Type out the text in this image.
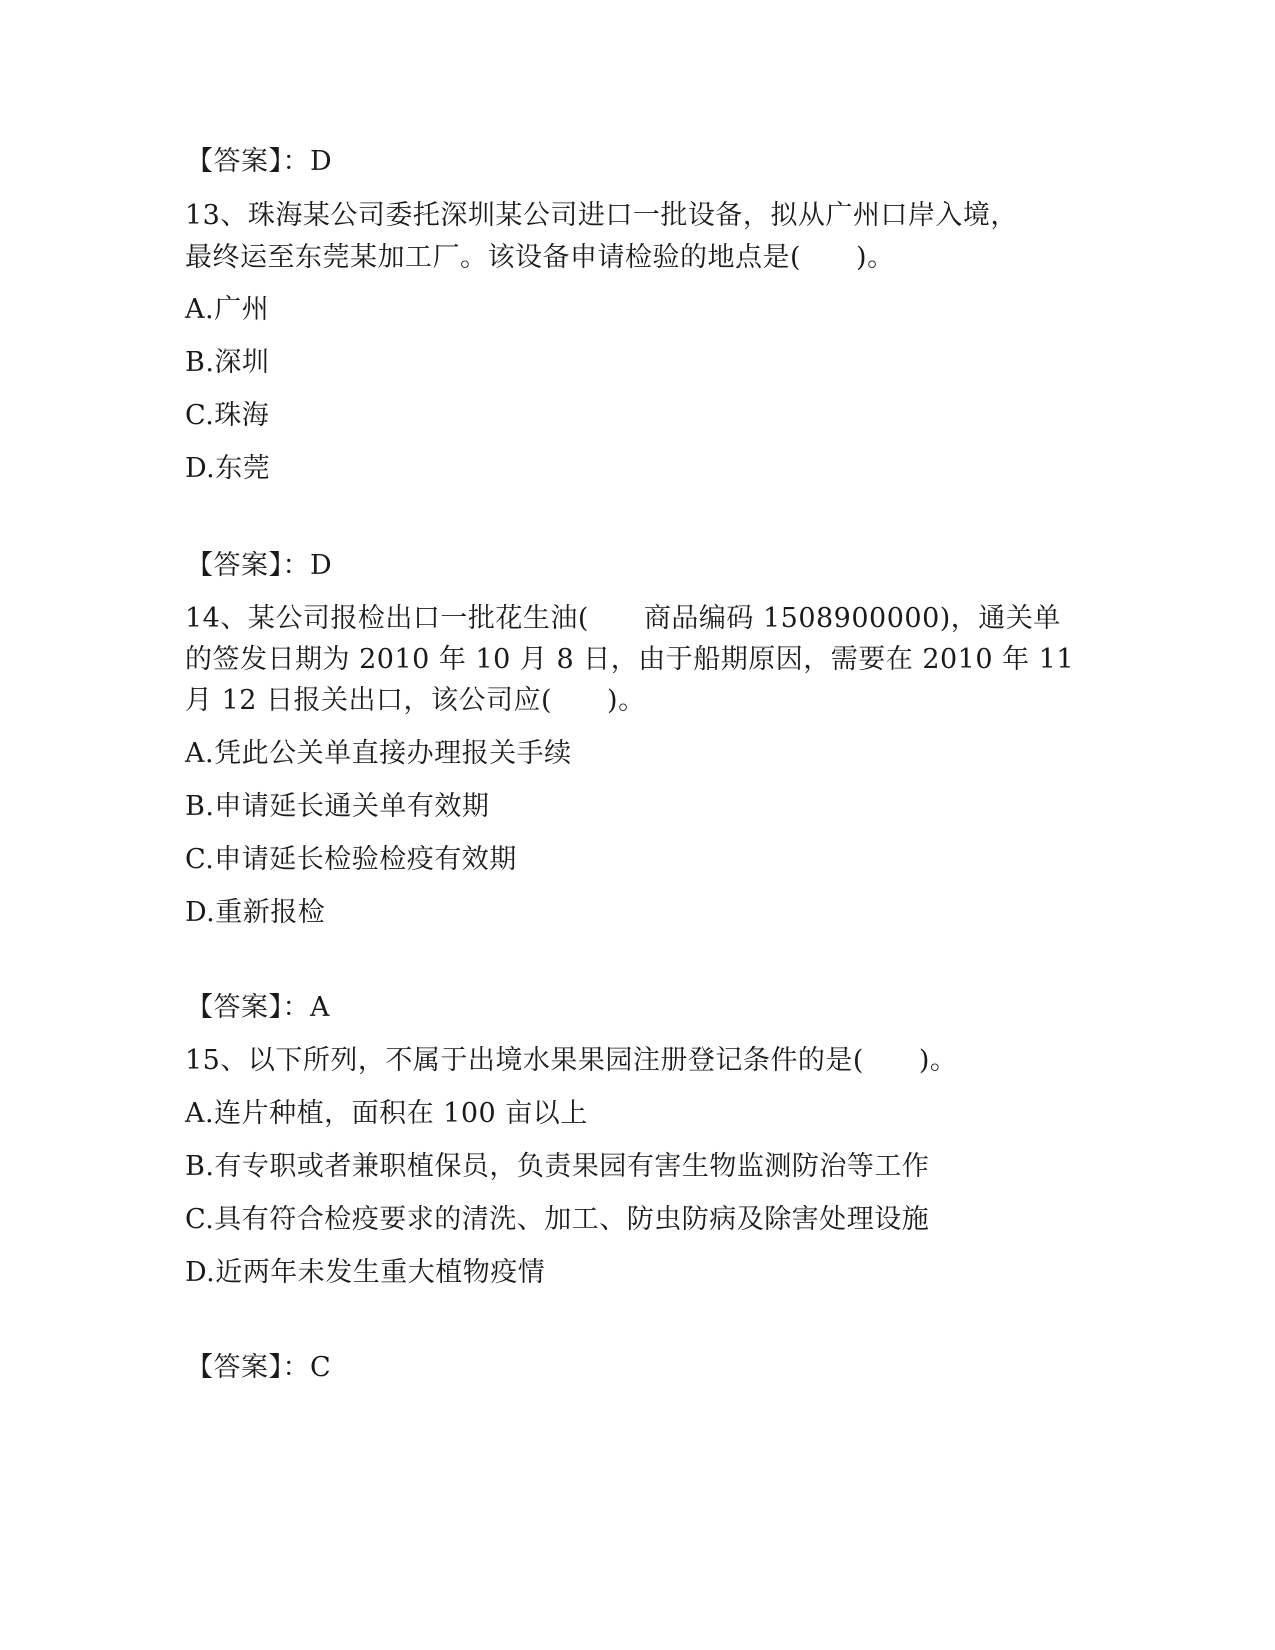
【答案】：D
13、珠海某公司委托深圳某公司进口一批设备，拟从广州口岸入境，
最终运至东莞某加工厂。该设备申请检验的地点是(　　)。
A.广州
B.深圳
C.珠海
D.东莞
【答案】：D
14、某公司报检出口一批花生油(　　商品编码 1508900000)，通关单
的签发日期为 2010 年 10 月 8 日，由于船期原因，需要在 2010 年 11
月 12 日报关出口，该公司应(　　)。
A.凭此公关单直接办理报关手续
B.申请延长通关单有效期
C.申请延长检验检疫有效期
D.重新报检
【答案】：A
15、以下所列，不属于出境水果果园注册登记条件的是(　　)。
A.连片种植，面积在 100 亩以上
B.有专职或者兼职植保员，负责果园有害生物监测防治等工作
C.具有符合检疫要求的清洗、加工、防虫防病及除害处理设施
D.近两年未发生重大植物疫情
【答案】：C
